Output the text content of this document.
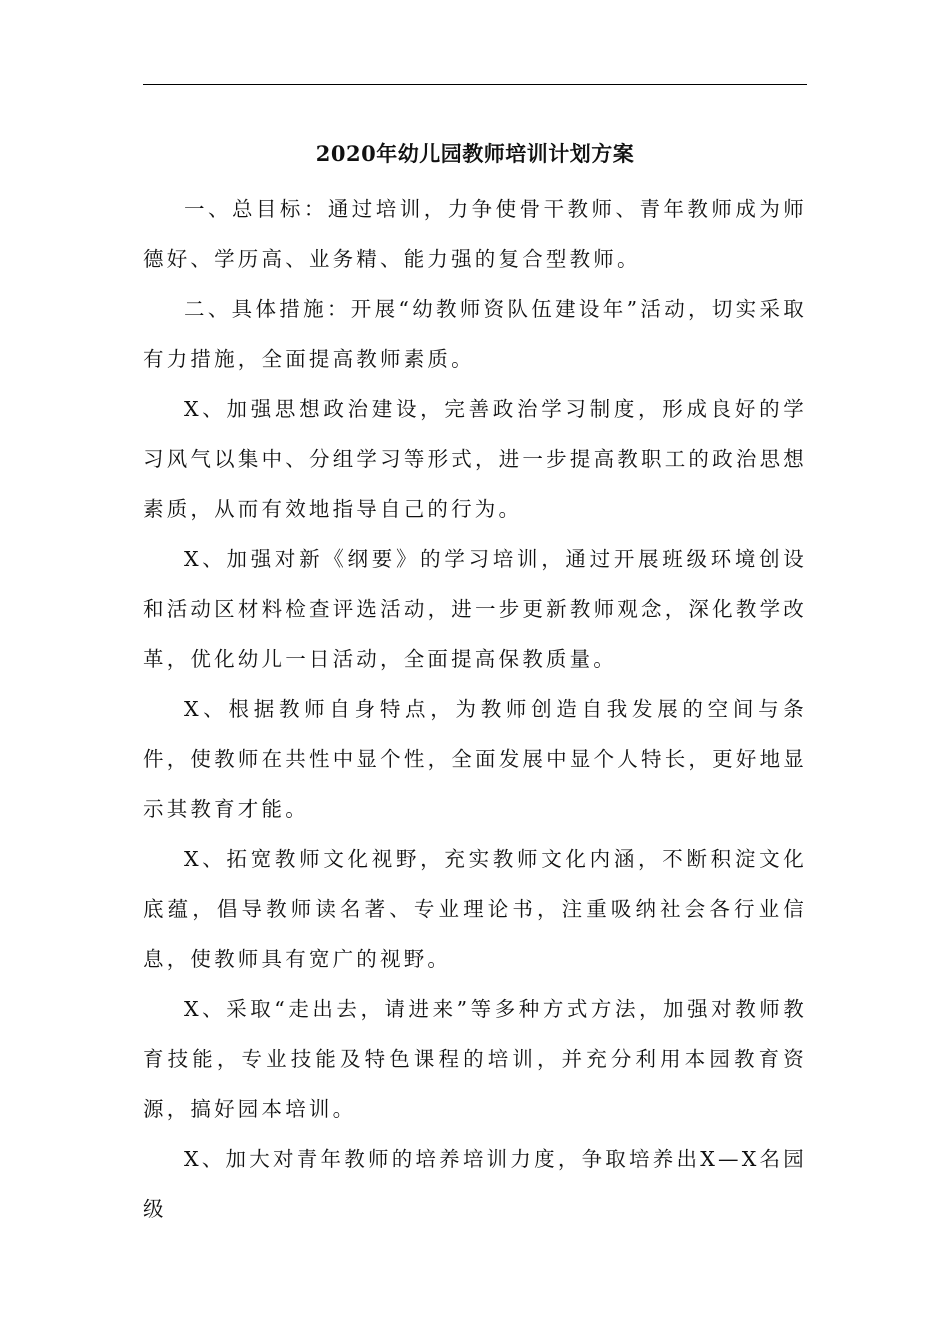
2020年幼儿园教师培训计划方案

一、总目标：通过培训，力争使骨干教师、青年教师成为师德好、学历高、业务精、能力强的复合型教师。

二、具体措施：开展“幼教师资队伍建设年”活动，切实采取有力措施，全面提高教师素质。

X、加强思想政治建设，完善政治学习制度，形成良好的学习风气以集中、分组学习等形式，进一步提高教职工的政治思想素质，从而有效地指导自己的行为。

X、加强对新《纲要》的学习培训，通过开展班级环境创设和活动区材料检查评选活动，进一步更新教师观念，深化教学改革，优化幼儿一日活动，全面提高保教质量。

X、根据教师自身特点，为教师创造自我发展的空间与条件，使教师在共性中显个性，全面发展中显个人特长，更好地显示其教育才能。

X、拓宽教师文化视野，充实教师文化内涵，不断积淀文化底蕴，倡导教师读名著、专业理论书，注重吸纳社会各行业信息，使教师具有宽广的视野。

X、采取“走出去，请进来”等多种方式方法，加强对教师教育技能，专业技能及特色课程的培训，并充分利用本园教育资源，搞好园本培训。

X、加大对青年教师的培养培训力度，争取培养出X—X名园级
